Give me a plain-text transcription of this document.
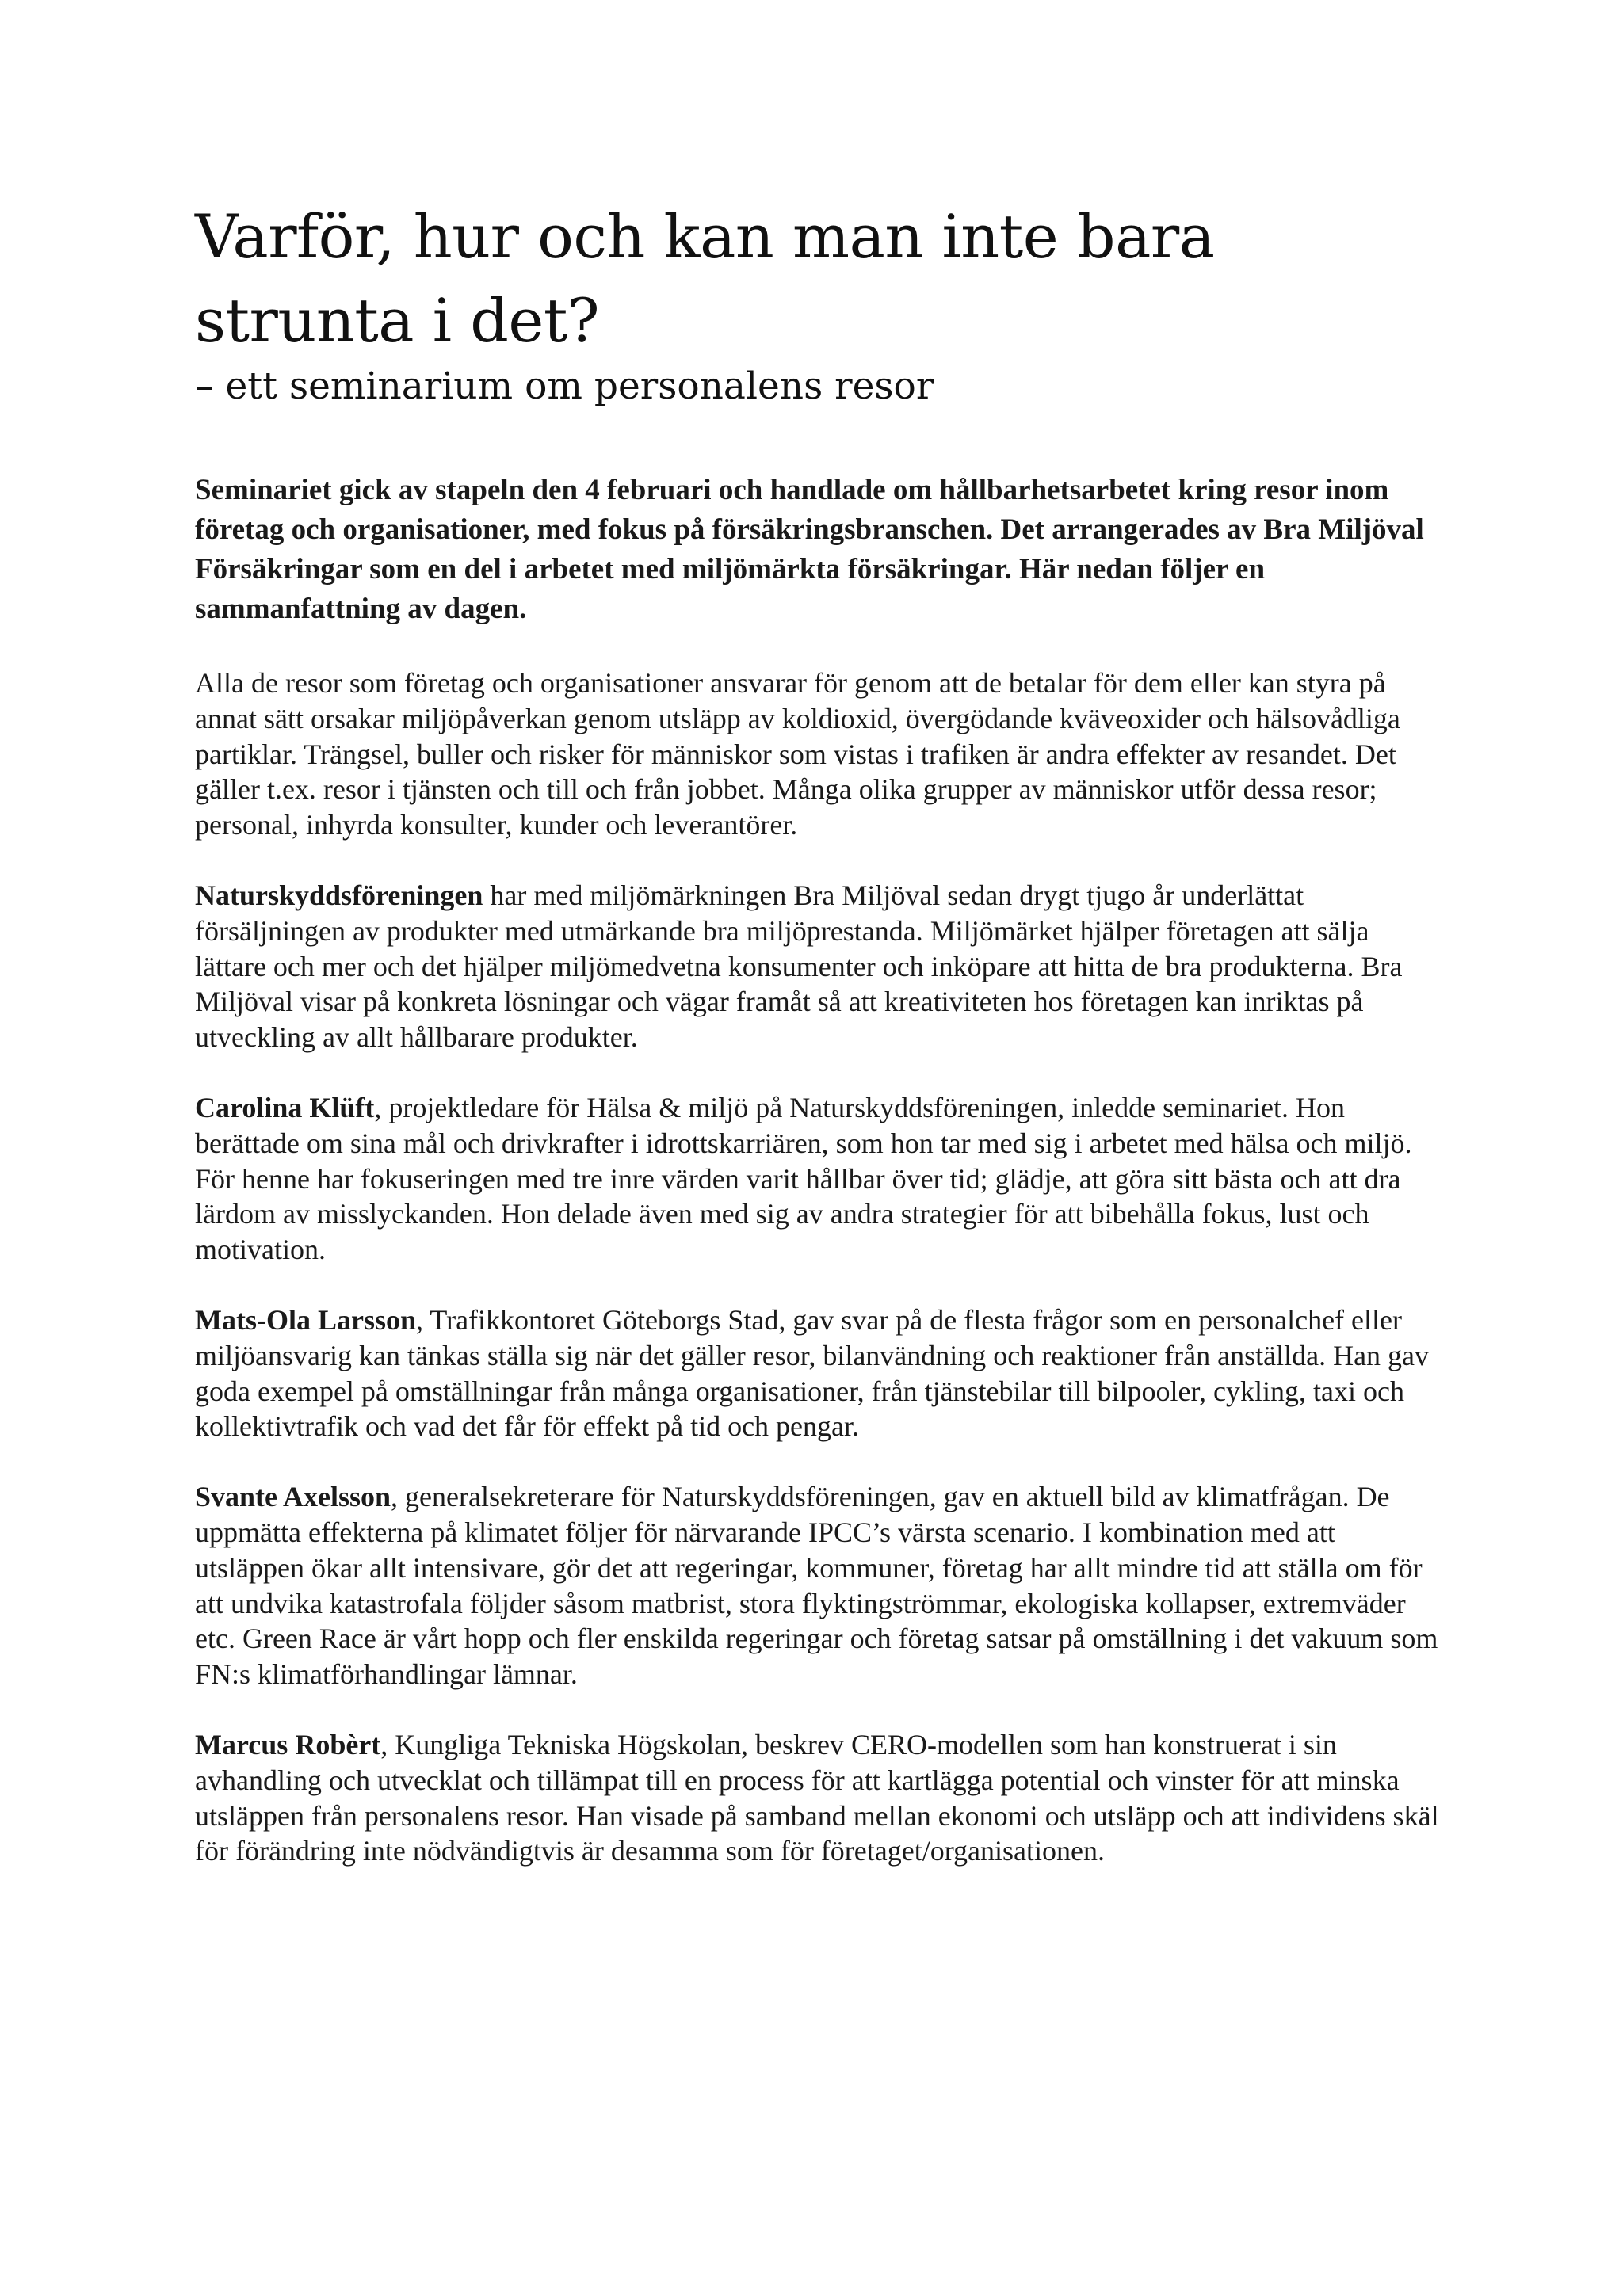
Varför, hur och kan man inte bara strunta i det?
– ett seminarium om personalens resor

Seminariet gick av stapeln den 4 februari och handlade om hållbarhetsarbetet kring resor inom företag och organisationer, med fokus på försäkringsbranschen. Det arrangerades av Bra Miljöval Försäkringar som en del i arbetet med miljömärkta försäkringar. Här nedan följer en sammanfattning av dagen.

Alla de resor som företag och organisationer ansvarar för genom att de betalar för dem eller kan styra på annat sätt orsakar miljöpåverkan genom utsläpp av koldioxid, övergödande kväveoxider och hälsovådliga partiklar. Trängsel, buller och risker för människor som vistas i trafiken är andra effekter av resandet. Det gäller t.ex. resor i tjänsten och till och från jobbet. Många olika grupper av människor utför dessa resor; personal, inhyrda konsulter, kunder och leverantörer.

Naturskyddsföreningen har med miljömärkningen Bra Miljöval sedan drygt tjugo år underlättat försäljningen av produkter med utmärkande bra miljöprestanda. Miljömärket hjälper företagen att sälja lättare och mer och det hjälper miljömedvetna konsumenter och inköpare att hitta de bra produkterna. Bra Miljöval visar på konkreta lösningar och vägar framåt så att kreativiteten hos företagen kan inriktas på utveckling av allt hållbarare produkter.

Carolina Klüft, projektledare för Hälsa & miljö på Naturskyddsföreningen, inledde seminariet. Hon berättade om sina mål och drivkrafter i idrottskarriären, som hon tar med sig i arbetet med hälsa och miljö. För henne har fokuseringen med tre inre värden varit hållbar över tid; glädje, att göra sitt bästa och att dra lärdom av misslyckanden. Hon delade även med sig av andra strategier för att bibehålla fokus, lust och motivation.

Mats-Ola Larsson, Trafikkontoret Göteborgs Stad, gav svar på de flesta frågor som en personalchef eller miljöansvarig kan tänkas ställa sig när det gäller resor, bilanvändning och reaktioner från anställda. Han gav goda exempel på omställningar från många organisationer, från tjänstebilar till bilpooler, cykling, taxi och kollektivtrafik och vad det får för effekt på tid och pengar.

Svante Axelsson, generalsekreterare för Naturskyddsföreningen, gav en aktuell bild av klimatfrågan. De uppmätta effekterna på klimatet följer för närvarande IPCC’s värsta scenario. I kombination med att utsläppen ökar allt intensivare, gör det att regeringar, kommuner, företag har allt mindre tid att ställa om för att undvika katastrofala följder såsom matbrist, stora flyktingströmmar, ekologiska kollapser, extremväder etc. Green Race är vårt hopp och fler enskilda regeringar och företag satsar på omställning i det vakuum som FN:s klimatförhandlingar lämnar.

Marcus Robèrt, Kungliga Tekniska Högskolan, beskrev CERO-modellen som han konstruerat i sin avhandling och utvecklat och tillämpat till en process för att kartlägga potential och vinster för att minska utsläppen från personalens resor. Han visade på samband mellan ekonomi och utsläpp och att individens skäl för förändring inte nödvändigtvis är desamma som för företaget/organisationen.
